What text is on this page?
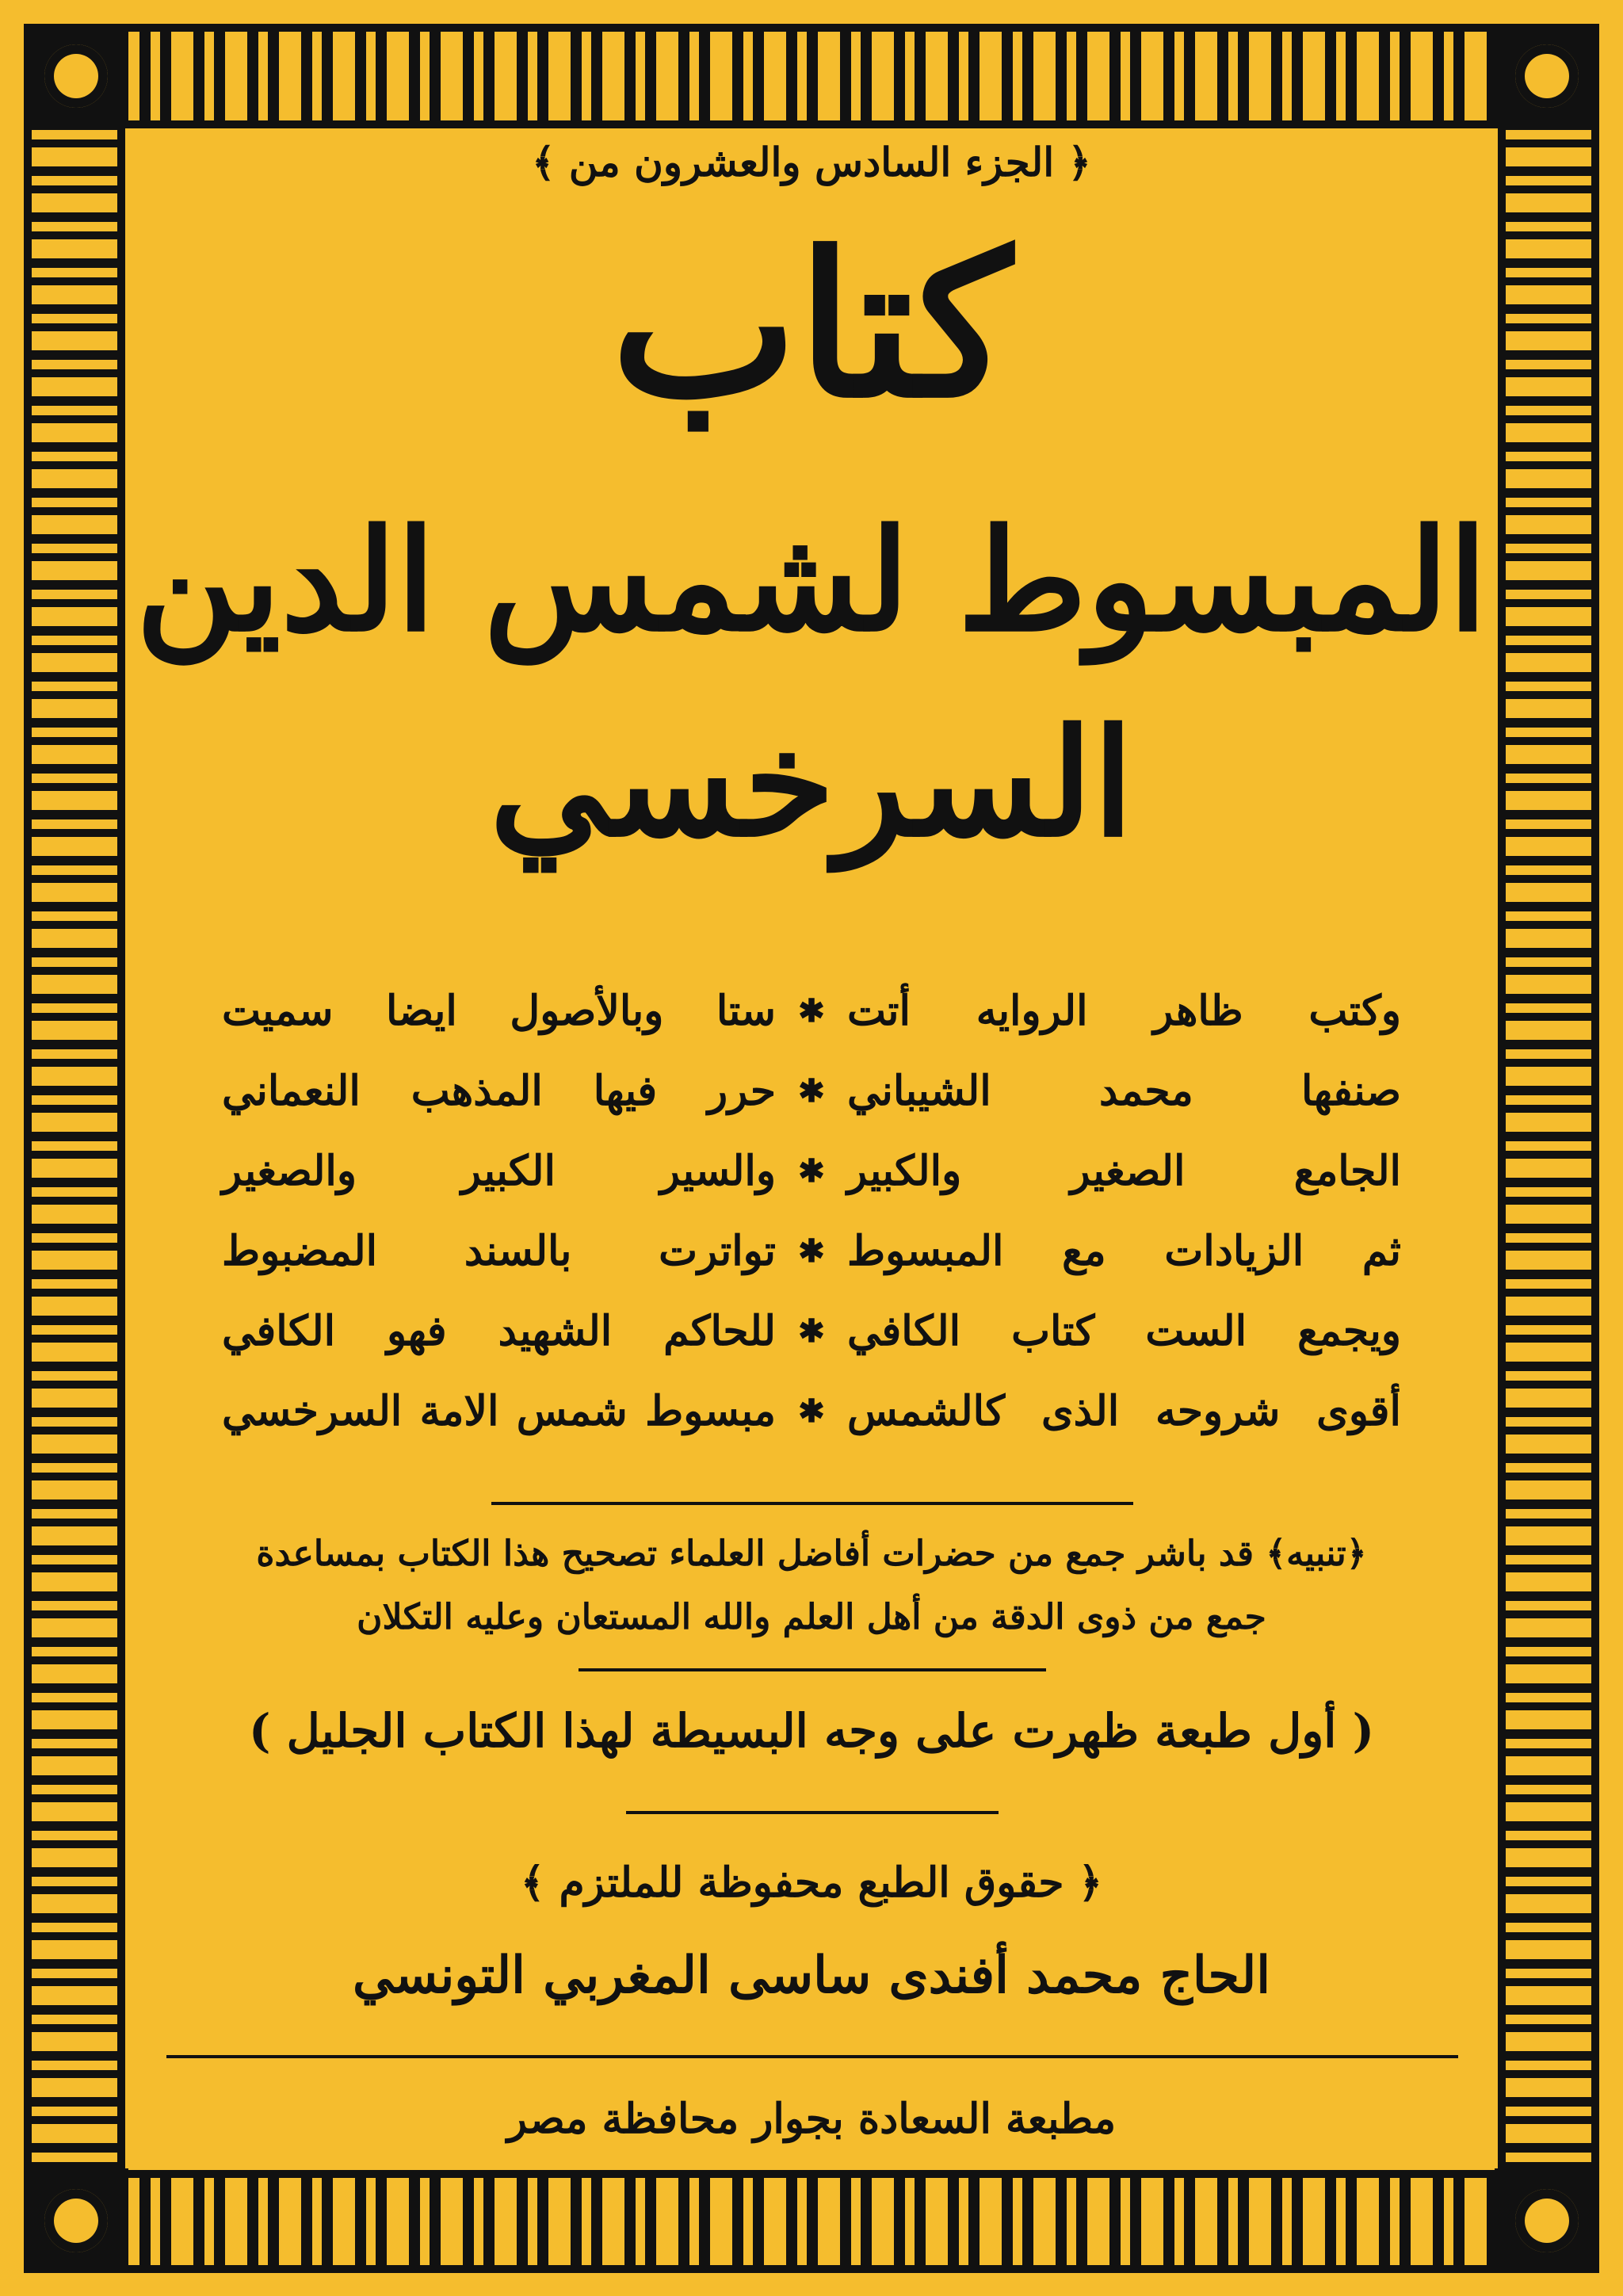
﴿ الجزء السادس والعشرون من ﴾
كتاب
المبسوط لشمس الدين
السرخسي
وكتب ظاهر الروايه أتت
✱
ستا وبالأصول ايضا سميت
صنفها محمد الشيباني
✱
حرر فيها المذهب النعماني
الجامع الصغير والكبير
✱
والسير الكبير والصغير
ثم الزيادات مع المبسوط
✱
تواترت بالسند المضبوط
ويجمع الست كتاب الكافي
✱
للحاكم الشهيد فهو الكافي
أقوى شروحه الذى كالشمس
✱
مبسوط شمس الامة السرخسي
﴿تنبيه﴾ قد باشر جمع من حضرات أفاضل العلماء تصحيح هذا الكتاب بمساعدة
جمع من ذوى الدقة من أهل العلم والله المستعان وعليه التكلان
( أول طبعة ظهرت على وجه البسيطة لهذا الكتاب الجليل )
﴿ حقوق الطبع محفوظة للملتزم ﴾
الحاج محمد أفندى ساسى المغربي التونسي
مطبعة السعادة بجوار محافظة مصر
